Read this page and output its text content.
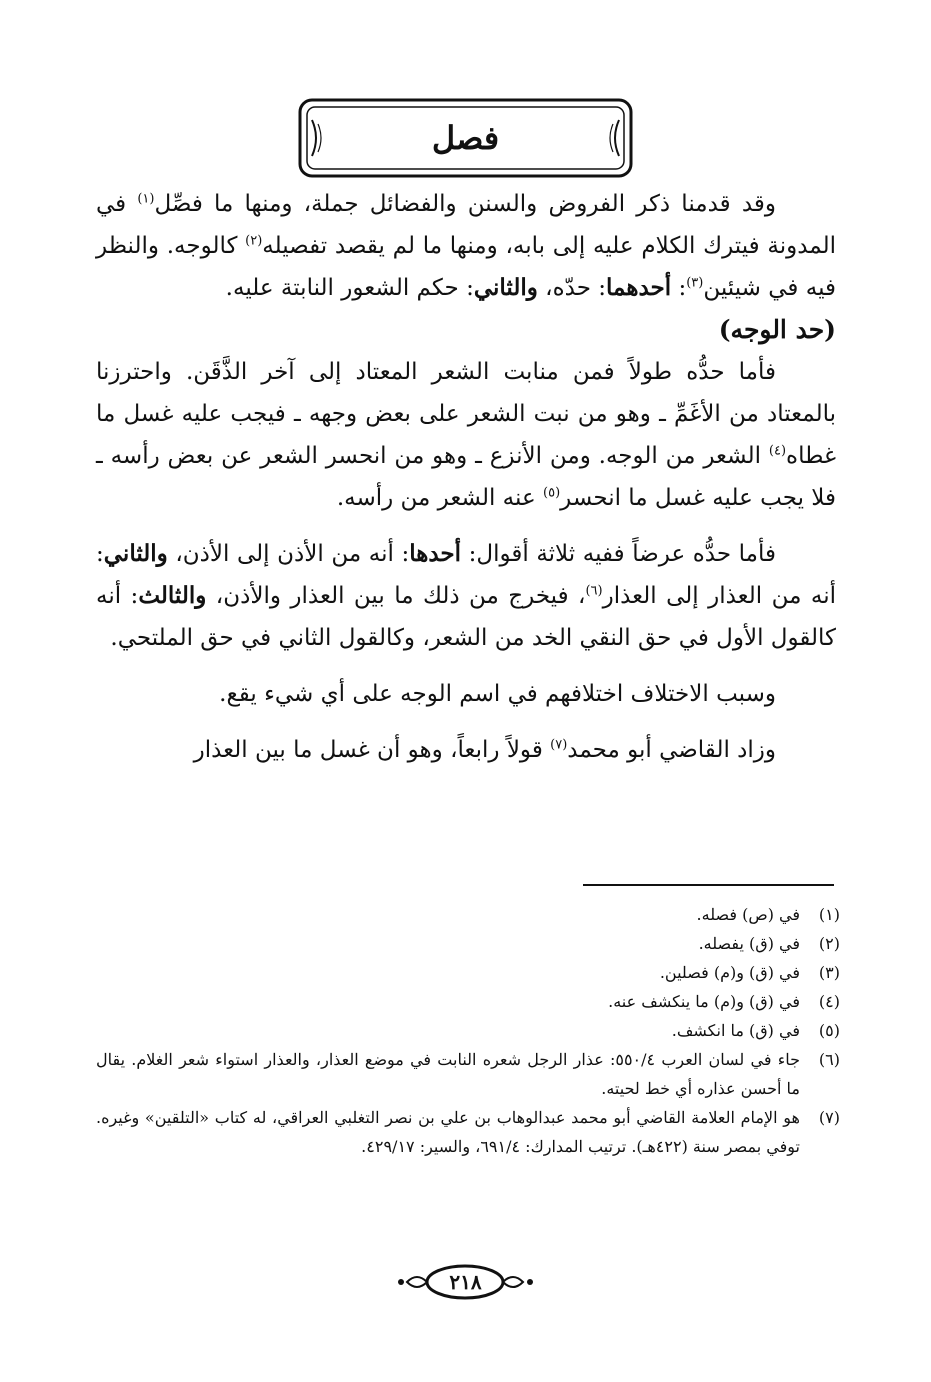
فصل

وقد قدمنا ذكر الفروض والسنن والفضائل جملة، ومنها ما فصِّل$^{(١)}$ في المدونة فيترك الكلام عليه إلى بابه، ومنها ما لم يقصد تفصيله$^{(٢)}$ كالوجه. والنظر فيه في شيئين$^{(٣)}$: أحدهما: حدّه، والثاني: حكم الشعور النابتة عليه.

(حد الوجه)

فأما حدُّه طولاً فمن منابت الشعر المعتاد إلى آخر الذَّقَن. واحترزنا بالمعتاد من الأغَمِّ ـ وهو من نبت الشعر على بعض وجهه ـ فيجب عليه غسل ما غطاه$^{(٤)}$ الشعر من الوجه. ومن الأنزع ـ وهو من انحسر الشعر عن بعض رأسه ـ فلا يجب عليه غسل ما انحسر$^{(٥)}$ عنه الشعر من رأسه.

فأما حدُّه عرضاً ففيه ثلاثة أقوال: أحدها: أنه من الأذن إلى الأذن، والثاني: أنه من العذار إلى العذار$^{(٦)}$، فيخرج من ذلك ما بين العذار والأذن، والثالث: أنه كالقول الأول في حق النقي الخد من الشعر، وكالقول الثاني في حق الملتحي.

وسبب الاختلاف اختلافهم في اسم الوجه على أي شيء يقع.

وزاد القاضي أبو محمد$^{(٧)}$ قولاً رابعاً، وهو أن غسل ما بين العذار

(١)
في (ص) فصله.
(٢)
في (ق) يفصله.
(٣)
في (ق) و(م) فصلين.
(٤)
في (ق) و(م) ما ينكشف عنه.
(٥)
في (ق) ما انكشف.
(٦)
جاء في لسان العرب ٥٥٠/٤: عذار الرجل شعره النابت في موضع العذار، والعذار استواء شعر الغلام. يقال ما أحسن عذاره أي خط لحيته.
(٧)
هو الإمام العلامة القاضي أبو محمد عبدالوهاب بن علي بن نصر التغلبي العراقي، له كتاب «التلقين» وغيره. توفي بمصر سنة (٤٢٢هـ). ترتيب المدارك: ٦٩١/٤، والسير: ٤٢٩/١٧.
٢١٨
